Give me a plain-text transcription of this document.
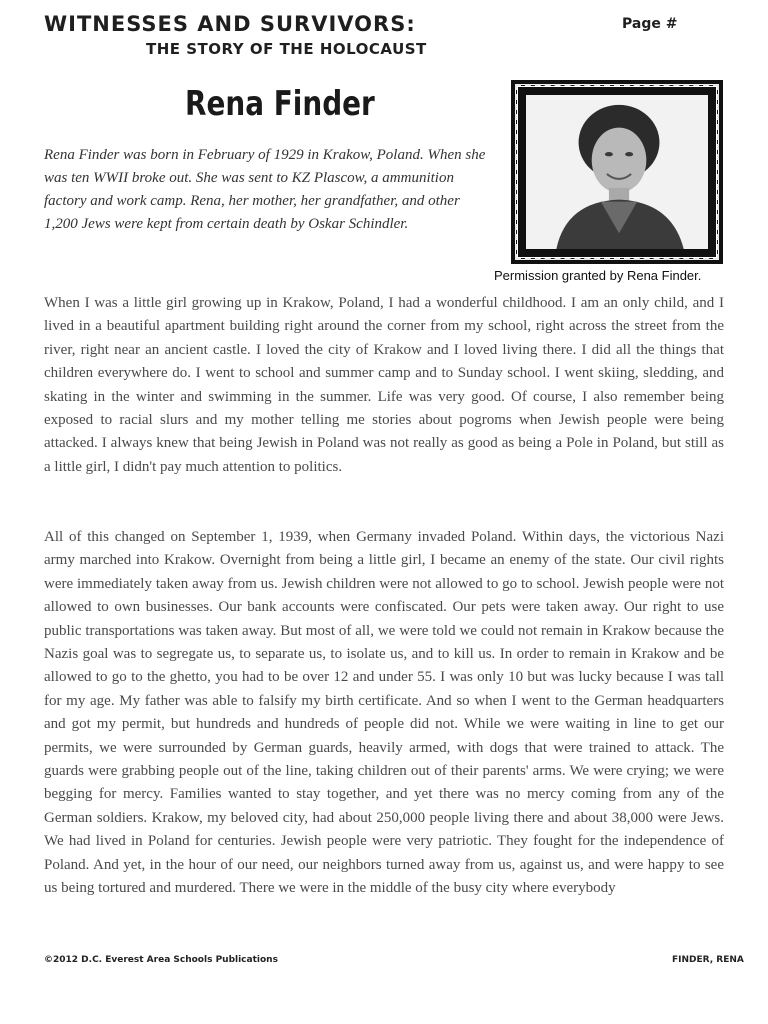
WITNESSES AND SURVIVORS:
THE STORY OF THE HOLOCAUST
Page #
Rena Finder

Rena Finder was born in February of 1929 in Krakow, Poland. When she was ten WWII broke out. She was sent to KZ Plascow, a ammunition factory and work camp. Rena, her mother, her grandfather, and other 1,200 Jews were kept from certain death by Oskar Schindler.

Permission granted by Rena Finder.

When I was a little girl growing up in Krakow, Poland, I had a wonderful childhood. I am an only child, and I lived in a beautiful apartment building right around the corner from my school, right across the street from the river, right near an ancient castle. I loved the city of Krakow and I loved living there. I did all the things that children everywhere do. I went to school and summer camp and to Sunday school. I went skiing, sledding, and skating in the winter and swimming in the summer. Life was very good. Of course, I also remember being exposed to racial slurs and my mother telling me stories about pogroms when Jewish people were being attacked. I always knew that being Jewish in Poland was not really as good as being a Pole in Poland, but still as a little girl, I didn't pay much attention to politics.

All of this changed on September 1, 1939, when Germany invaded Poland. Within days, the victorious Nazi army marched into Krakow. Overnight from being a little girl, I became an enemy of the state. Our civil rights were immediately taken away from us. Jewish children were not allowed to go to school. Jewish people were not allowed to own businesses. Our bank accounts were confiscated. Our pets were taken away. Our right to use public transportations was taken away. But most of all, we were told we could not remain in Krakow because the Nazis goal was to segregate us, to separate us, to isolate us, and to kill us. In order to remain in Krakow and be allowed to go to the ghetto, you had to be over 12 and under 55. I was only 10 but was lucky because I was tall for my age. My father was able to falsify my birth certificate. And so when I went to the German headquarters and got my permit, but hundreds and hundreds of people did not. While we were waiting in line to get our permits, we were surrounded by German guards, heavily armed, with dogs that were trained to attack. The guards were grabbing people out of the line, taking children out of their parents' arms. We were crying; we were begging for mercy. Families wanted to stay together, and yet there was no mercy coming from any of the German soldiers. Krakow, my beloved city, had about 250,000 people living there and about 38,000 were Jews. We had lived in Poland for centuries. Jewish people were very patriotic. They fought for the independence of Poland. And yet, in the hour of our need, our neighbors turned away from us, against us, and were happy to see us being tortured and murdered. There we were in the middle of the busy city where everybody

©2012 D.C. Everest Area Schools Publications	FINDER, RENA
